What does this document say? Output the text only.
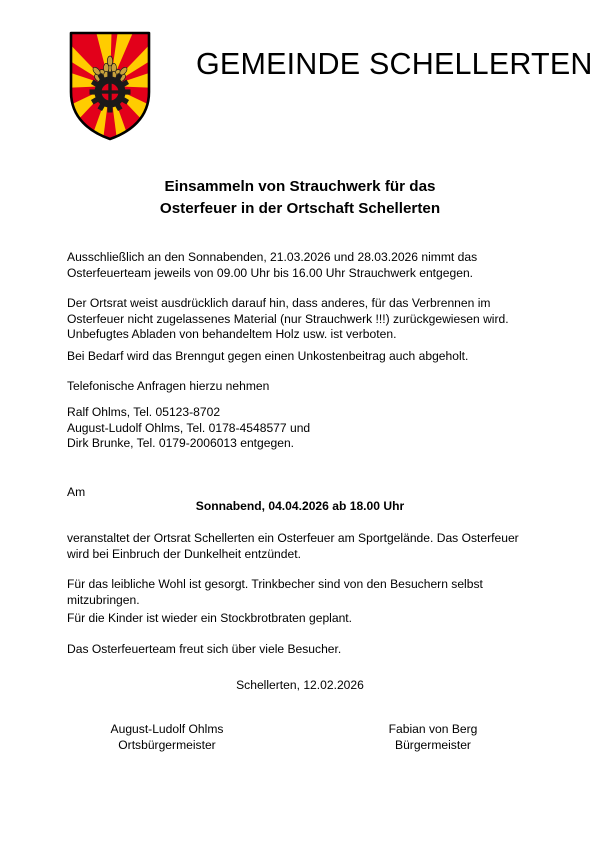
GEMEINDE SCHELLERTEN
Einsammeln von Strauchwerk für das
Osterfeuer in der Ortschaft Schellerten

Ausschließlich an den Sonnabenden, 21.03.2026 und 28.03.2026 nimmt das Osterfeuerteam jeweils von 09.00 Uhr bis 16.00 Uhr Strauchwerk entgegen.

Der Ortsrat weist ausdrücklich darauf hin, dass anderes, für das Verbrennen im Osterfeuer nicht zugelassenes Material (nur Strauchwerk !!!) zurückgewiesen wird. Unbefugtes Abladen von behandeltem Holz usw. ist verboten.

Bei Bedarf wird das Brenngut gegen einen Unkostenbeitrag auch abgeholt.

Telefonische Anfragen hierzu nehmen

Ralf Ohlms, Tel. 05123-8702

August-Ludolf Ohlms, Tel. 0178-4548577 und

Dirk Brunke, Tel. 0179-2006013 entgegen.

Am

Sonnabend, 04.04.2026 ab 18.00 Uhr

veranstaltet der Ortsrat Schellerten ein Osterfeuer am Sportgelände. Das Osterfeuer wird bei Einbruch der Dunkelheit entzündet.

Für das leibliche Wohl ist gesorgt. Trinkbecher sind von den Besuchern selbst mitzubringen.

Für die Kinder ist wieder ein Stockbrotbraten geplant.

Das Osterfeuerteam freut sich über viele Besucher.

Schellerten, 12.02.2026
August-Ludolf Ohlms
Ortsbürgermeister
Fabian von Berg
Bürgermeister
